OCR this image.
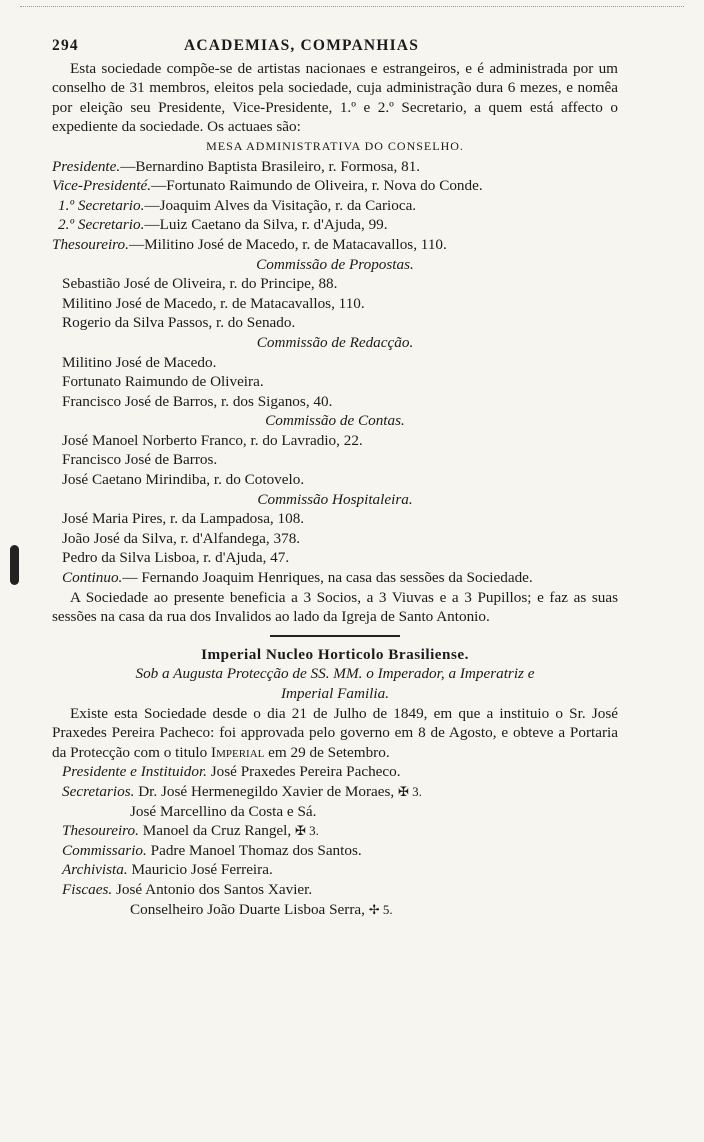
294	ACADEMIAS, COMPANHIAS

Esta sociedade compõe-se de artistas nacionaes e estrangeiros, e é administrada por um conselho de 31 membros, eleitos pela sociedade, cuja administração dura 6 mezes, e nomêa por eleição seu Presidente, Vice-Presidente, 1.º e 2.º Secretario, a quem está affecto o expediente da sociedade. Os actuaes são:

MESA ADMINISTRATIVA DO CONSELHO.
Presidente.—Bernardino Baptista Brasileiro, r. Formosa, 81.
Vice-Presidenté.—Fortunato Raimundo de Oliveira, r. Nova do Conde.
1.º Secretario.—Joaquim Alves da Visitação, r. da Carioca.
2.º Secretario.—Luiz Caetano da Silva, r. d'Ajuda, 99.
Thesoureiro.—Militino José de Macedo, r. de Matacavallos, 110.
Commissão de Propostas.
Sebastião José de Oliveira, r. do Principe, 88.
Militino José de Macedo, r. de Matacavallos, 110.
Rogerio da Silva Passos, r. do Senado.
Commissão de Redacção.
Militino José de Macedo.
Fortunato Raimundo de Oliveira.
Francisco José de Barros, r. dos Siganos, 40.
Commissão de Contas.
José Manoel Norberto Franco, r. do Lavradio, 22.
Francisco José de Barros.
José Caetano Mirindiba, r. do Cotovelo.
Commissão Hospitaleira.
José Maria Pires, r. da Lampadosa, 108.
João José da Silva, r. d'Alfandega, 378.
Pedro da Silva Lisboa, r. d'Ajuda, 47.

Continuo.— Fernando Joaquim Henriques, na casa das sessões da Sociedade.

A Sociedade ao presente beneficia a 3 Socios, a 3 Viuvas e a 3 Pupillos; e faz as suas sessões na casa da rua dos Invalidos ao lado da Igreja de Santo Antonio.

Imperial Nucleo Horticolo Brasiliense.
Sob a Augusta Protecção de SS. MM. o Imperador, a Imperatriz e
Imperial Familia.

Existe esta Sociedade desde o dia 21 de Julho de 1849, em que a instituio o Sr. José Praxedes Pereira Pacheco: foi approvada pelo governo em 8 de Agosto, e obteve a Portaria da Protecção com o titulo Imperial em 29 de Setembro.

Presidente e Instituidor. José Praxedes Pereira Pacheco.
Secretarios. Dr. José Hermenegildo Xavier de Moraes, ✠ 3.
José Marcellino da Costa e Sá.
Thesoureiro. Manoel da Cruz Rangel, ✠ 3.
Commissario. Padre Manoel Thomaz dos Santos.
Archivista. Mauricio José Ferreira.
Fiscaes. José Antonio dos Santos Xavier.
Conselheiro João Duarte Lisboa Serra, ✢ 5.
